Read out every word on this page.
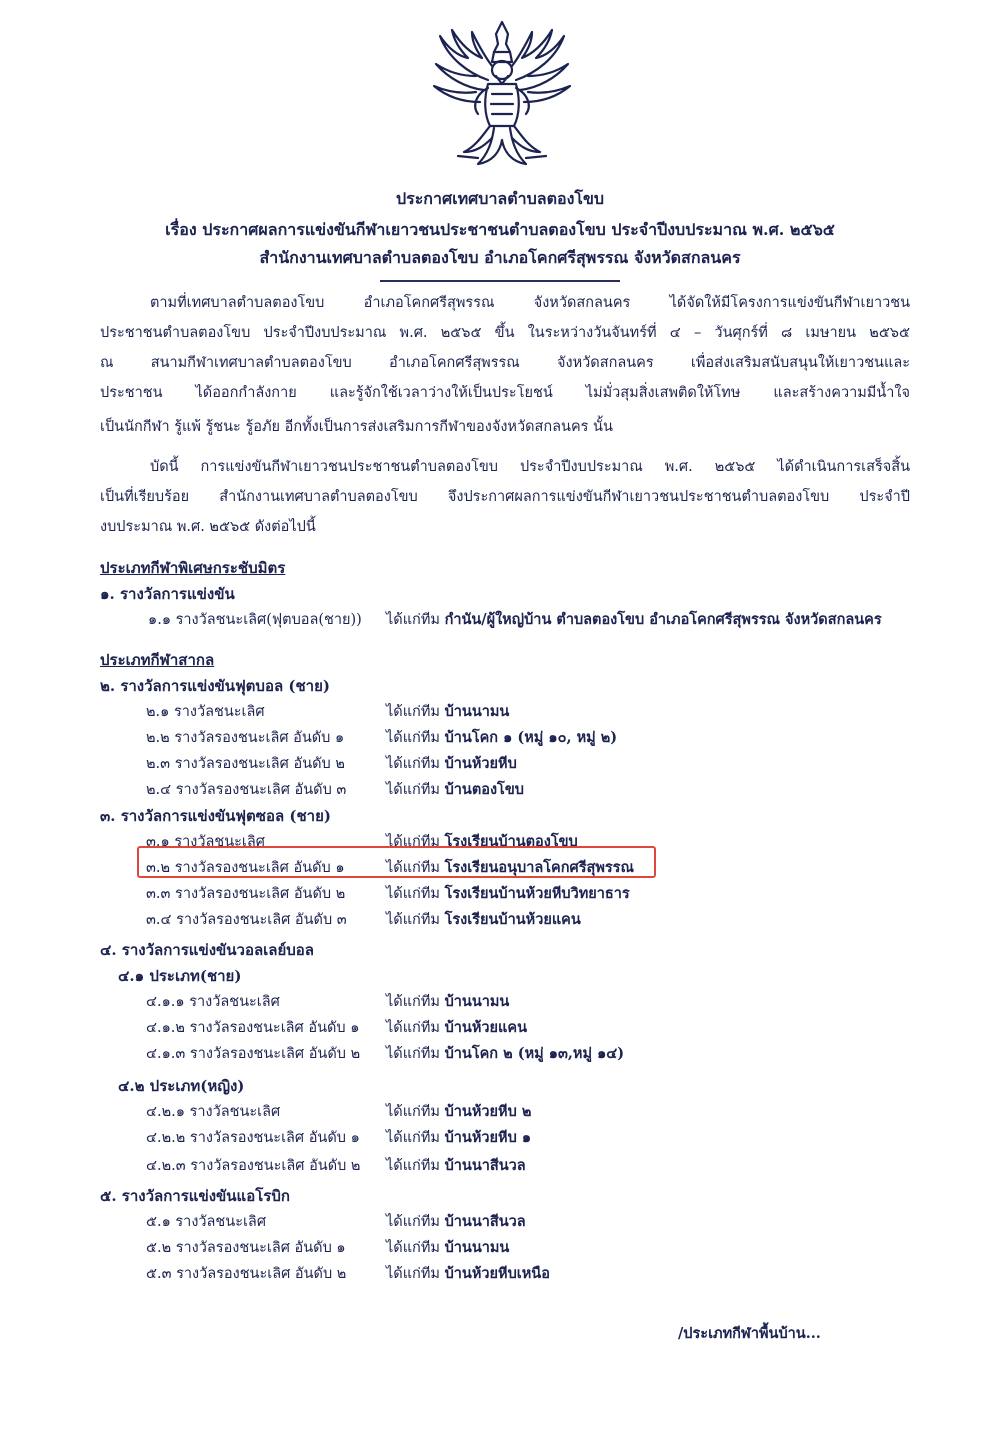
ประกาศเทศบาลตำบลตองโขบ
เรื่อง ประกาศผลการแข่งขันกีฬาเยาวชนประชาชนตำบลตองโขบ ประจำปีงบประมาณ พ.ศ. ๒๕๖๕
สำนักงานเทศบาลตำบลตองโขบ อำเภอโคกศรีสุพรรณ จังหวัดสกลนคร
ตามที่เทศบาลตำบลตองโขบ อำเภอโคกศรีสุพรรณ จังหวัดสกลนคร ได้จัดให้มีโครงการแข่งขันกีฬาเยาวชน
ประชาชนตำบลตองโขบ ประจำปีงบประมาณ พ.ศ. ๒๕๖๕ ขึ้น ในระหว่างวันจันทร์ที่ ๔ – วันศุกร์ที่ ๘ เมษายน ๒๕๖๕
ณ สนามกีฬาเทศบาลตำบลตองโขบ อำเภอโคกศรีสุพรรณ จังหวัดสกลนคร เพื่อส่งเสริมสนับสนุนให้เยาวชนและ
ประชาชน ได้ออกกำลังกาย และรู้จักใช้เวลาว่างให้เป็นประโยชน์ ไม่มั่วสุมสิ่งเสพติดให้โทษ และสร้างความมีน้ำใจ
เป็นนักกีฬา รู้แพ้ รู้ชนะ รู้อภัย อีกทั้งเป็นการส่งเสริมการกีฬาของจังหวัดสกลนคร นั้น
บัดนี้ การแข่งขันกีฬาเยาวชนประชาชนตำบลตองโขบ ประจำปีงบประมาณ พ.ศ. ๒๕๖๕ ได้ดำเนินการเสร็จสิ้น
เป็นที่เรียบร้อย สำนักงานเทศบาลตำบลตองโขบ จึงประกาศผลการแข่งขันกีฬาเยาวชนประชาชนตำบลตองโขบ ประจำปี
งบประมาณ พ.ศ. ๒๕๖๕ ดังต่อไปนี้
ประเภทกีฬาพิเศษกระชับมิตร
๑. รางวัลการแข่งขัน
๑.๑ รางวัลชนะเลิศ(ฟุตบอล(ชาย)) ได้แก่ทีม กำนัน/ผู้ใหญ่บ้าน ตำบลตองโขบ อำเภอโคกศรีสุพรรณ จังหวัดสกลนคร
ประเภทกีฬาสากล
๒. รางวัลการแข่งขันฟุตบอล (ชาย)
๒.๑ รางวัลชนะเลิศ	ได้แก่ทีม บ้านนามน
๒.๒ รางวัลรองชนะเลิศ อันดับ ๑	ได้แก่ทีม บ้านโคก ๑ (หมู่ ๑๐, หมู่ ๒)
๒.๓ รางวัลรองชนะเลิศ อันดับ ๒	ได้แก่ทีม บ้านห้วยหีบ
๒.๔ รางวัลรองชนะเลิศ อันดับ ๓	ได้แก่ทีม บ้านตองโขบ
๓. รางวัลการแข่งขันฟุตซอล (ชาย)
๓.๑ รางวัลชนะเลิศ	ได้แก่ทีม โรงเรียนบ้านตองโขบ
๓.๒ รางวัลรองชนะเลิศ อันดับ ๑	ได้แก่ทีม โรงเรียนอนุบาลโคกศรีสุพรรณ
๓.๓ รางวัลรองชนะเลิศ อันดับ ๒	ได้แก่ทีม โรงเรียนบ้านห้วยหีบวิทยาธาร
๓.๔ รางวัลรองชนะเลิศ อันดับ ๓	ได้แก่ทีม โรงเรียนบ้านห้วยแคน
๔. รางวัลการแข่งขันวอลเลย์บอล
๔.๑ ประเภท(ชาย)
๔.๑.๑ รางวัลชนะเลิศ	ได้แก่ทีม บ้านนามน
๔.๑.๒ รางวัลรองชนะเลิศ อันดับ ๑ ได้แก่ทีม บ้านห้วยแคน
๔.๑.๓ รางวัลรองชนะเลิศ อันดับ ๒ ได้แก่ทีม บ้านโคก ๒ (หมู่ ๑๓,หมู่ ๑๔)
๔.๒ ประเภท(หญิง)
๔.๒.๑ รางวัลชนะเลิศ	ได้แก่ทีม บ้านห้วยหีบ ๒
๔.๒.๒ รางวัลรองชนะเลิศ อันดับ ๑ ได้แก่ทีม บ้านห้วยหีบ ๑
๔.๒.๓ รางวัลรองชนะเลิศ อันดับ ๒ ได้แก่ทีม บ้านนาสีนวล
๕. รางวัลการแข่งขันแอโรบิก
๕.๑ รางวัลชนะเลิศ	ได้แก่ทีม บ้านนาสีนวล
๕.๒ รางวัลรองชนะเลิศ อันดับ ๑	ได้แก่ทีม บ้านนามน
๕.๓ รางวัลรองชนะเลิศ อันดับ ๒	ได้แก่ทีม บ้านห้วยหีบเหนือ
/ประเภทกีฬาพื้นบ้าน...
